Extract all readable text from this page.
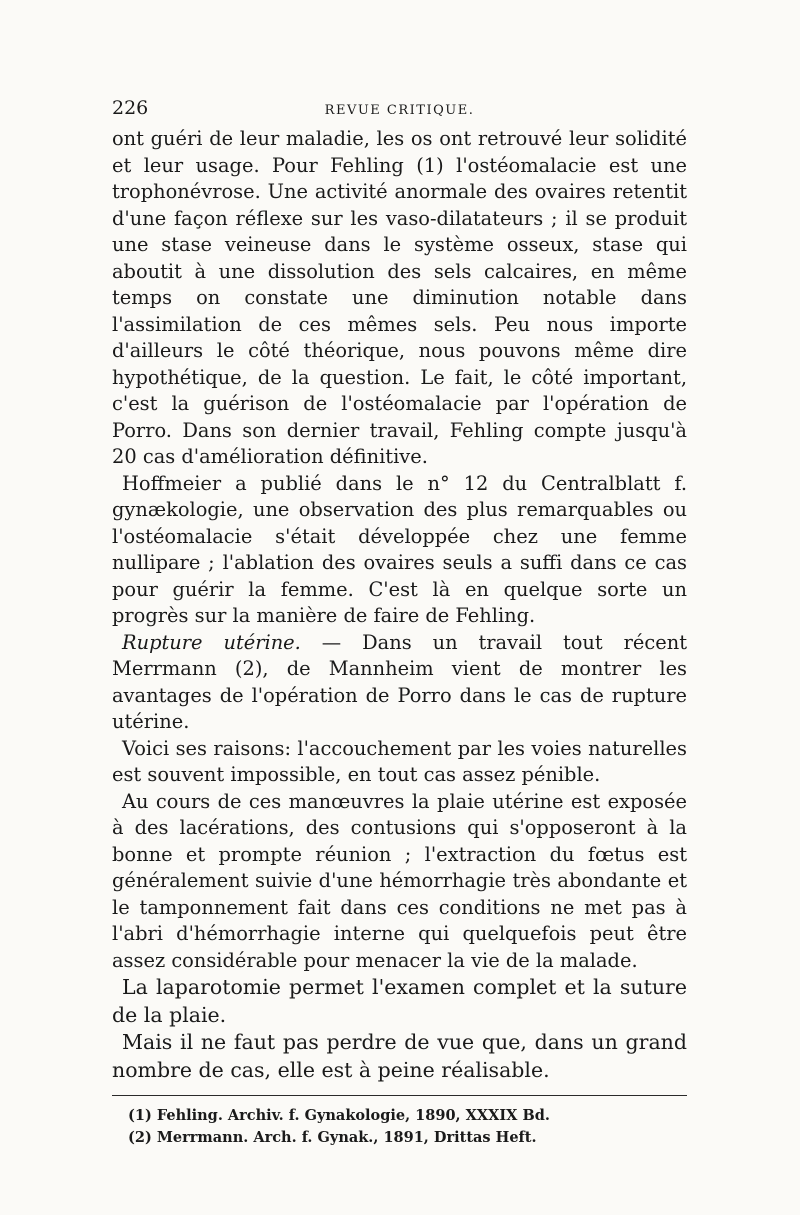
226	REVUE CRITIQUE.

ont guéri de leur maladie, les os ont retrouvé leur solidité et leur usage. Pour Fehling (1) l'ostéomalacie est une trophonévrose. Une activité anormale des ovaires retentit d'une façon réflexe sur les vaso-dilatateurs ; il se produit une stase veineuse dans le système osseux, stase qui aboutit à une dissolution des sels calcaires, en même temps on constate une diminution notable dans l'assimilation de ces mêmes sels. Peu nous importe d'ailleurs le côté théorique, nous pouvons même dire hypothétique, de la question. Le fait, le côté important, c'est la guérison de l'ostéomalacie par l'opération de Porro. Dans son dernier travail, Fehling compte jusqu'à 20 cas d'amélioration définitive.

Hoffmeier a publié dans le n° 12 du Centralblatt f. gynækologie, une observation des plus remarquables ou l'ostéomalacie s'était développée chez une femme nullipare ; l'ablation des ovaires seuls a suffi dans ce cas pour guérir la femme. C'est là en quelque sorte un progrès sur la manière de faire de Fehling.

Rupture utérine. — Dans un travail tout récent Merrmann (2), de Mannheim vient de montrer les avantages de l'opération de Porro dans le cas de rupture utérine.

Voici ses raisons: l'accouchement par les voies naturelles est souvent impossible, en tout cas assez pénible.

Au cours de ces manœuvres la plaie utérine est exposée à des lacérations, des contusions qui s'opposeront à la bonne et prompte réunion ; l'extraction du fœtus est généralement suivie d'une hémorrhagie très abondante et le tamponnement fait dans ces conditions ne met pas à l'abri d'hémorrhagie interne qui quelquefois peut être assez considérable pour menacer la vie de la malade.

La laparotomie permet l'examen complet et la suture de la plaie.

Mais il ne faut pas perdre de vue que, dans un grand nombre de cas, elle est à peine réalisable.

(1) Fehling. Archiv. f. Gynakologie, 1890, XXXIX Bd.

(2) Merrmann. Arch. f. Gynak., 1891, Drittas Heft.
